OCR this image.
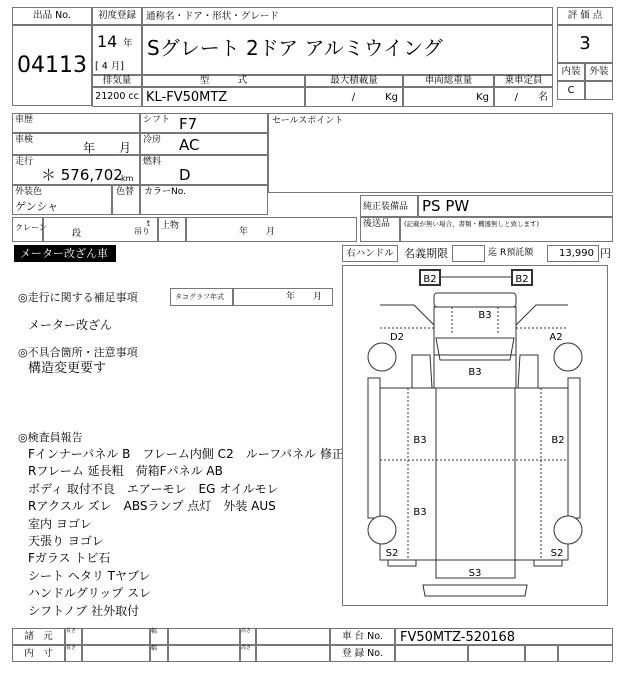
出品 No.
04113
初度登録	通称名・ドア・形状・グレード
14 年
[ 4 月]
Sグレート 2ドア アルミウイング
排気量	型　　　式	最大積載量	車両総重量	乗車定員
21200 cc KL-FV50MTZ	/　　　Kg	Kg	/　　名
評 価 点
3
内装 外装
C
車歴
車検
年　　月
走行
＊ 576,702
km
外装色
ゲンシャ
色替
シフト F7
冷房 AC
燃料
D
カラーNo.
セールスポイント
純正装備品 PS PW
後送品 (記載が無い場合、書類・機器無しと致します)
クレーン
段
t
吊り
上物
年　　月
メーター改ざん車	右ハンドル 名義期限	迄 R預託額	13,990 円
◎走行に関する補足事項	タコグラフ年式	年　　月
メーター改ざん
◎不具合箇所・注意事項
構造変更要す
◎検査員報告
Fインナーパネル B　フレーム内側 C2　ルーフパネル 修正
Rフレーム 延長粗　荷箱Fパネル AB
ボディ 取付不良　エアーモレ　EG オイルモレ
Rアクスル ズレ　ABSランプ 点灯　外装 AUS
室内 ヨゴレ
天張り ヨゴレ
Fガラス トビ石
シート ヘタリ Tヤブレ
ハンドルグリップ スレ
シフトノブ 社外取付
B2	B2
B3
D2	A2
B3
B3	B2
B3
S2	S2
S3
諸　元
内　寸
長さ	幅	高さ
長さ	幅	高さ
車 台 No.	FV50MTZ-520168
登 録 No.
